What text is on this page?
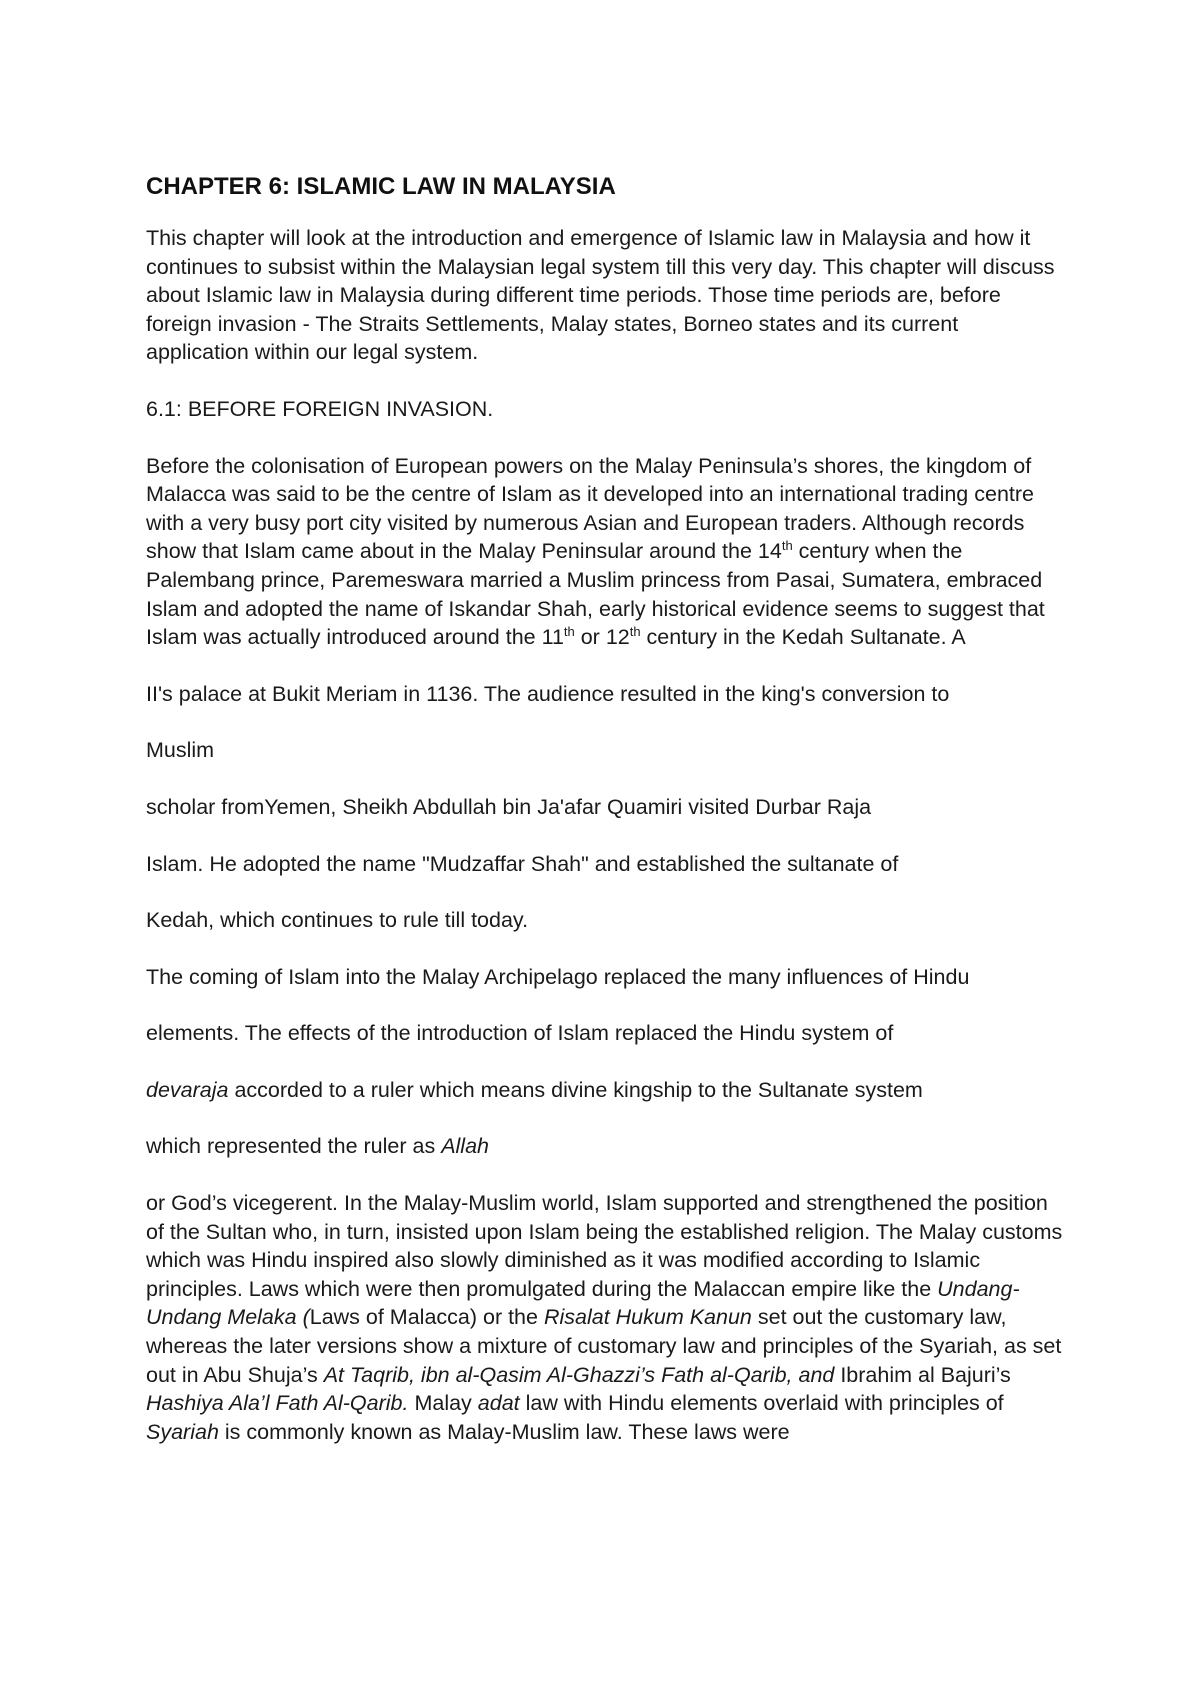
CHAPTER 6: ISLAMIC LAW IN MALAYSIA

This chapter will look at the introduction and emergence of Islamic law in Malaysia and how it continues to subsist within the Malaysian legal system till this very day. This chapter will discuss about Islamic law in Malaysia during different time periods. Those time periods are, before foreign invasion - The Straits Settlements, Malay states, Borneo states and its current application within our legal system.

6.1: BEFORE FOREIGN INVASION.

Before the colonisation of European powers on the Malay Peninsula’s shores, the kingdom of Malacca was said to be the centre of Islam as it developed into an international trading centre with a very busy port city visited by numerous Asian and European traders. Although records show that Islam came about in the Malay Peninsular around the 14th century when the Palembang prince, Paremeswara married a Muslim princess from Pasai, Sumatera, embraced Islam and adopted the name of Iskandar Shah, early historical evidence seems to suggest that Islam was actually introduced around the 11th or 12th century in the Kedah Sultanate. A

II's palace at Bukit Meriam in 1136. The audience resulted in the king's conversion to

Muslim

scholar fromYemen, Sheikh Abdullah bin Ja'afar Quamiri visited Durbar Raja

Islam. He adopted the name "Mudzaffar Shah" and established the sultanate of

Kedah, which continues to rule till today.

The coming of Islam into the Malay Archipelago replaced the many influences of Hindu

elements. The effects of the introduction of Islam replaced the Hindu system of

devaraja accorded to a ruler which means divine kingship to the Sultanate system

which represented the ruler as Allah

or God’s vicegerent. In the Malay-Muslim world, Islam supported and strengthened the position of the Sultan who, in turn, insisted upon Islam being the established religion. The Malay customs which was Hindu inspired also slowly diminished as it was modified according to Islamic principles. Laws which were then promulgated during the Malaccan empire like the Undang-Undang Melaka (Laws of Malacca) or the Risalat Hukum Kanun set out the customary law, whereas the later versions show a mixture of customary law and principles of the Syariah, as set out in Abu Shuja’s At Taqrib, ibn al-Qasim Al-Ghazzi’s Fath al-Qarib, and Ibrahim al Bajuri’s Hashiya Ala’l Fath Al-Qarib. Malay adat law with Hindu elements overlaid with principles of Syariah is commonly known as Malay-Muslim law. These laws were
